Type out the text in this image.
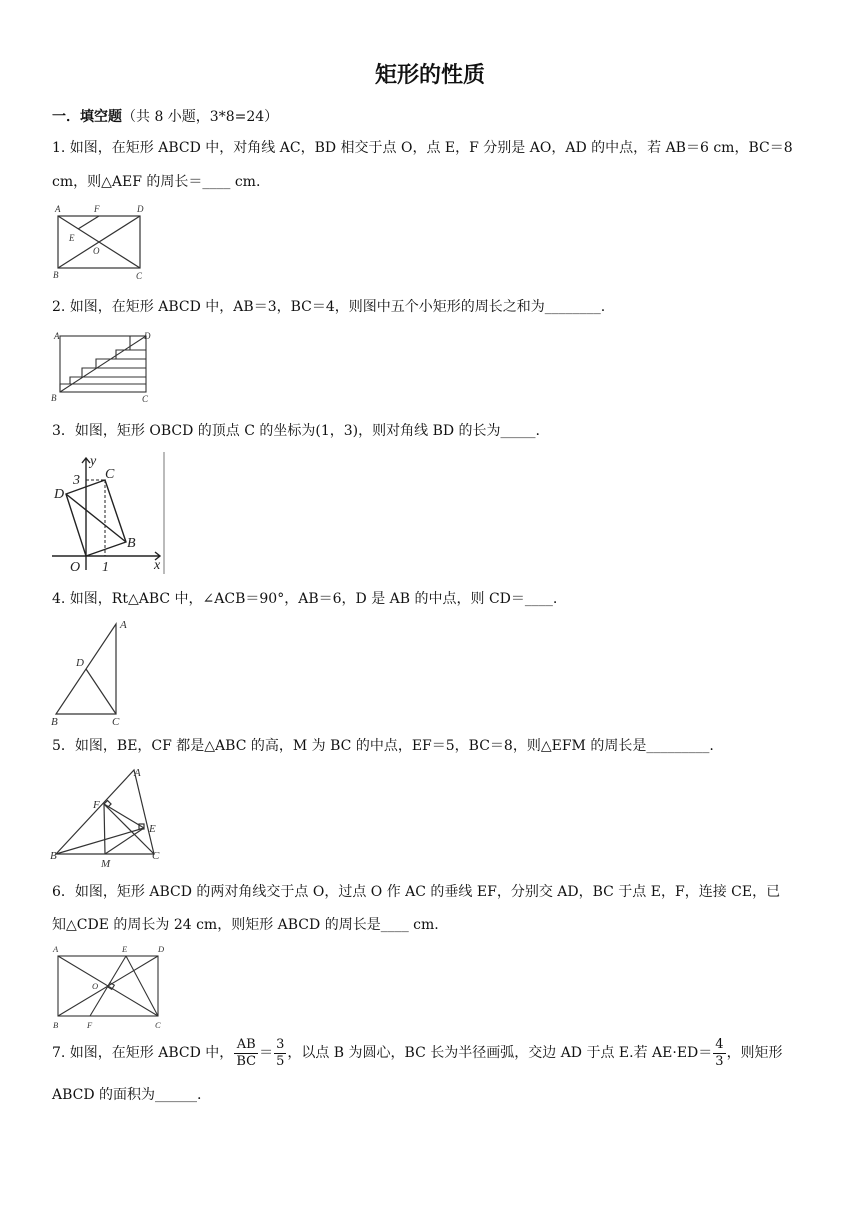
矩形的性质
一．填空题（共 8 小题，3*8=24）
1. 如图，在矩形 ABCD 中，对角线 AC，BD 相交于点 O，点 E，F 分别是 AO，AD 的中点，若 AB＝6 cm，BC＝8
cm，则△AEF 的周长＝____ cm.
A	F	D
E
O
B	C
2. 如图，在矩形 ABCD 中，AB＝3，BC＝4，则图中五个小矩形的周长之和为________.
A	D
B	C
3．如图，矩形 OBCD 的顶点 C 的坐标为(1，3)，则对角线 BD 的长为_____.
y
x
3
1
C
D
B
O
4. 如图，Rt△ABC 中，∠ACB＝90°，AB＝6，D 是 AB 的中点，则 CD＝____.
A
D
B	C
5．如图，BE，CF 都是△ABC 的高，M 为 BC 的中点，EF＝5，BC＝8，则△EFM 的周长是_________.
A
F
E
B
M
C
6．如图，矩形 ABCD 的两对角线交于点 O，过点 O 作 AC 的垂线 EF，分别交 AD，BC 于点 E，F，连接 CE，已
知△CDE 的周长为 24 cm，则矩形 ABCD 的周长是____ cm.
A	E	D
O
B	F	C
7. 如图，在矩形 ABCD 中， $\frac{AB}{BC} = \frac{3}{5}$ ，以点 B 为圆心，BC 长为半径画弧，交边 AD 于点 E.若 $AE\cdot ED= \frac{4}{3}$ ，则矩形
ABCD 的面积为______.
